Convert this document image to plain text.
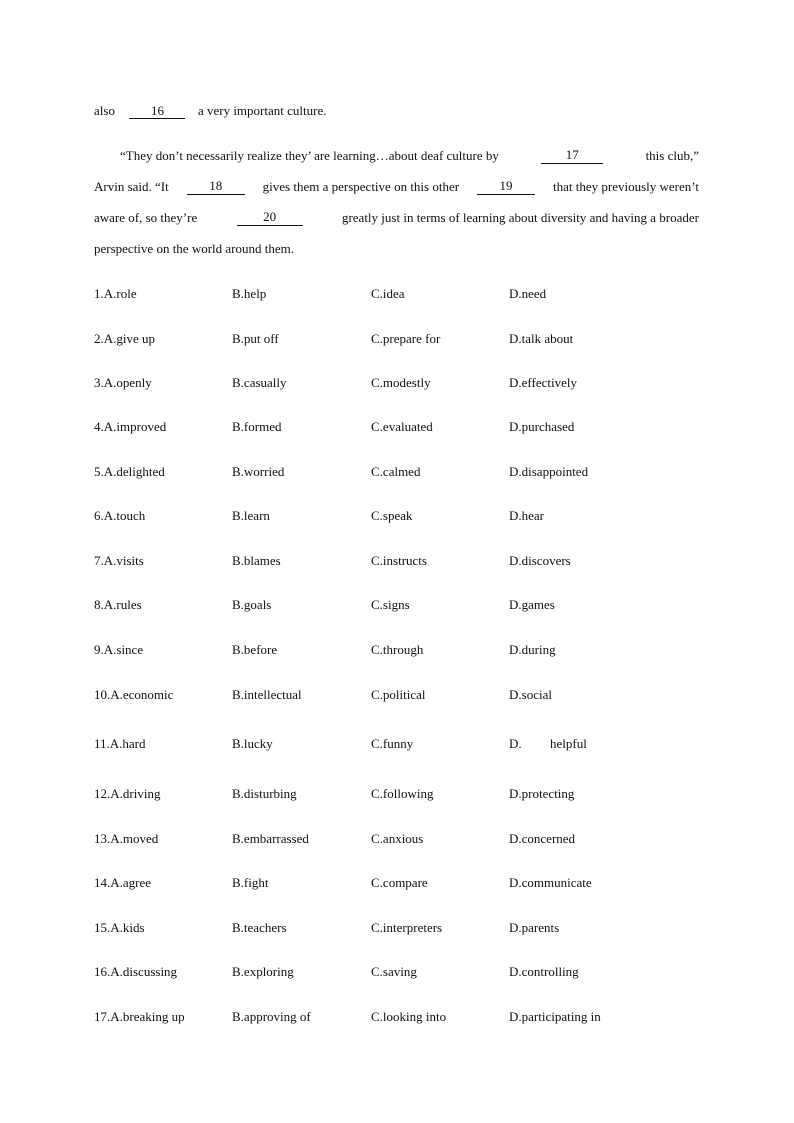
also	16	a very important culture.
“They don’t necessarily realize they’ are learning…about deaf culture by	17	this club,”
Arvin said. “It	18	gives them a perspective on this other	19	that they previously weren’t
aware of, so they’re	20	greatly just in terms of learning about diversity and having a broader
perspective on the world around them.
1.A.role	B.help	C.idea	D.need
2.A.give up	B.put off	C.prepare for	D.talk about
3.A.openly	B.casually	C.modestly	D.effectively
4.A.improved	B.formed	C.evaluated	D.purchased
5.A.delighted	B.worried	C.calmed	D.disappointed
6.A.touch	B.learn	C.speak	D.hear
7.A.visits	B.blames	C.instructs	D.discovers
8.A.rules	B.goals	C.signs	D.games
9.A.since	B.before	C.through	D.during
10.A.economic	B.intellectual	C.political	D.social
11.A.hard	B.lucky	C.funny	D. helpful
12.A.driving	B.disturbing	C.following	D.protecting
13.A.moved	B.embarrassed	C.anxious	D.concerned
14.A.agree	B.fight	C.compare	D.communicate
15.A.kids	B.teachers	C.interpreters	D.parents
16.A.discussing	B.exploring	C.saving	D.controlling
17.A.breaking up	B.approving of	C.looking into	D.participating in
